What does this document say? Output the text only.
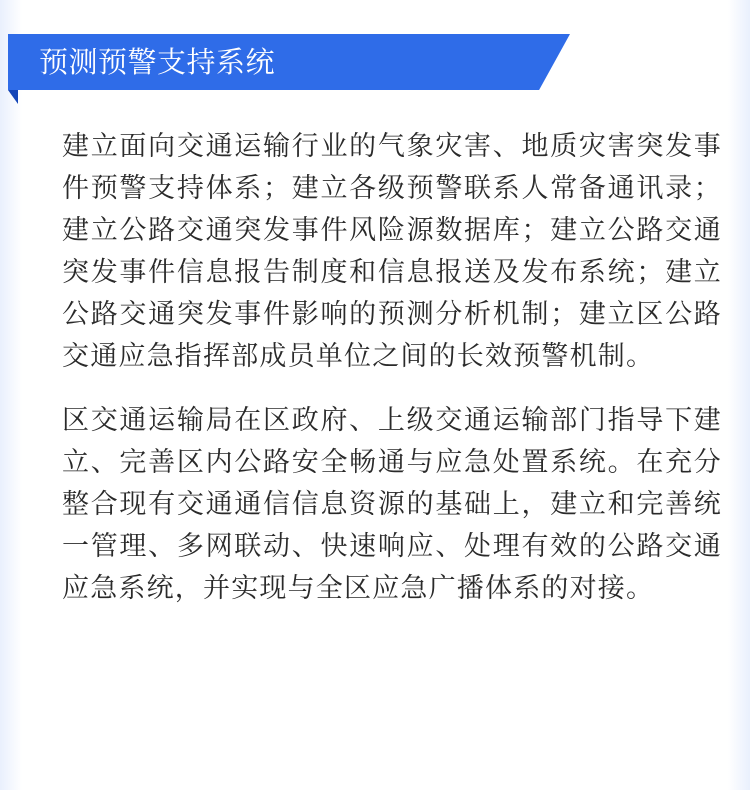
预测预警支持系统

建立面向交通运输行业的气象灾害、地质灾害突发事件预警支持体系；建立各级预警联系人常备通讯录；建立公路交通突发事件风险源数据库；建立公路交通突发事件信息报告制度和信息报送及发布系统；建立公路交通突发事件影响的预测分析机制；建立区公路交通应急指挥部成员单位之间的长效预警机制。

区交通运输局在区政府、上级交通运输部门指导下建立、完善区内公路安全畅通与应急处置系统。在充分整合现有交通通信信息资源的基础上，建立和完善统一管理、多网联动、快速响应、处理有效的公路交通应急系统，并实现与全区应急广播体系的对接。
